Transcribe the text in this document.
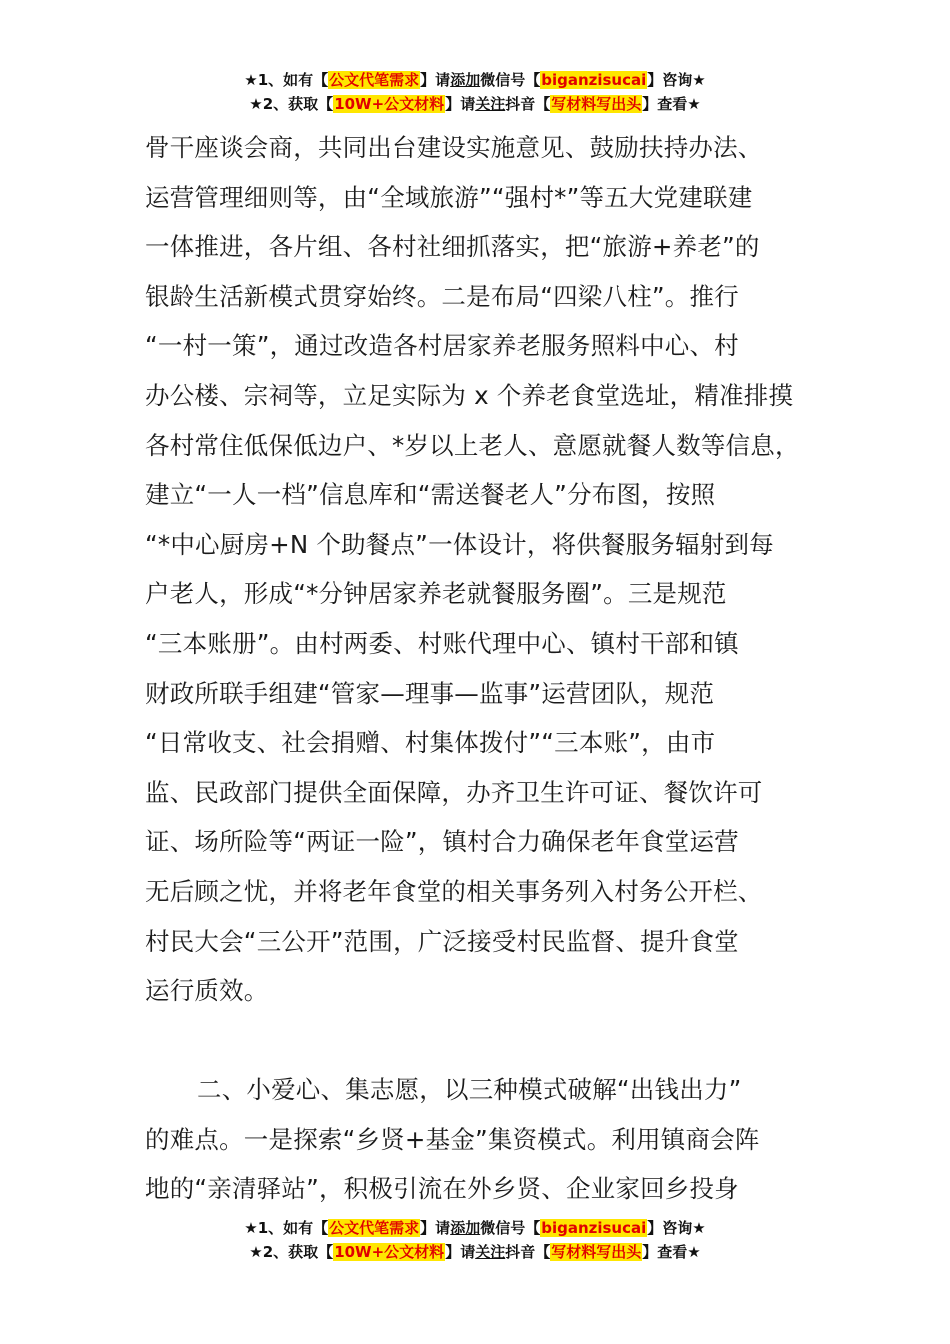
★1、如有【公文代笔需求】请添加微信号【biganzisucai】咨询★
★2、获取【10W+公文材料】请关注抖音【写材料写出头】查看★
骨干座谈会商，共同出台建设实施意见、鼓励扶持办法、
运营管理细则等，由“全域旅游”“强村*”等五大党建联建
一体推进，各片组、各村社细抓落实，把“旅游+养老”的
银龄生活新模式贯穿始终。二是布局“四梁八柱”。推行
“一村一策”，通过改造各村居家养老服务照料中心、村
办公楼、宗祠等，立足实际为 x 个养老食堂选址，精准排摸
各村常住低保低边户、*岁以上老人、意愿就餐人数等信息，
建立“一人一档”信息库和“需送餐老人”分布图，按照
“*中心厨房+N 个助餐点”一体设计，将供餐服务辐射到每
户老人，形成“*分钟居家养老就餐服务圈”。三是规范
“三本账册”。由村两委、村账代理中心、镇村干部和镇
财政所联手组建“管家—理事—监事”运营团队，规范
“日常收支、社会捐赠、村集体拨付”“三本账”，由市
监、民政部门提供全面保障，办齐卫生许可证、餐饮许可
证、场所险等“两证一险”，镇村合力确保老年食堂运营
无后顾之忧，并将老年食堂的相关事务列入村务公开栏、
村民大会“三公开”范围，广泛接受村民监督、提升食堂
运行质效。
二、小爱心、集志愿，以三种模式破解“出钱出力”
的难点。一是探索“乡贤+基金”集资模式。利用镇商会阵
地的“亲清驿站”，积极引流在外乡贤、企业家回乡投身
★1、如有【公文代笔需求】请添加微信号【biganzisucai】咨询★
★2、获取【10W+公文材料】请关注抖音【写材料写出头】查看★
